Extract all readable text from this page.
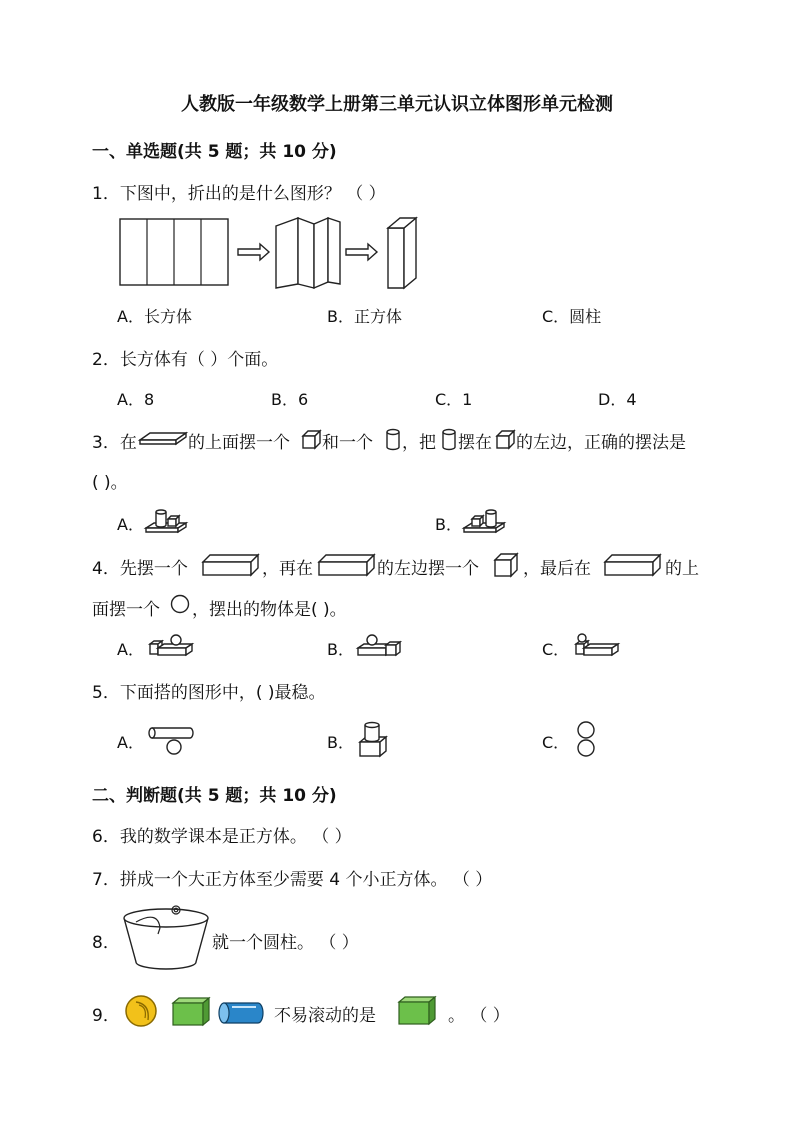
人教版一年级数学上册第三单元认识立体图形单元检测
一、单选题(共 5 题；共 10 分)
1．下图中，折出的是什么图形？ （ ）
A．长方体	B．正方体	C．圆柱
2．长方体有（ ）个面。
A．8	B．6	C．1	D．4
3．在	的上面摆一个 和一个 ，把 摆在 的左边，正确的摆法是
( )。
A．	B．
4．先摆一个	，再在	的左边摆一个	，最后在	的上
面摆一个 ，摆出的物体是( )。
A．	B．	C．
5．下面搭的图形中，( )最稳。
A．	B．	C．
二、判断题(共 5 题；共 10 分)
6．我的数学课本是正方体。 （ ）
7．拼成一个大正方体至少需要 4 个小正方体。 （ ）
8．	就一个圆柱。 （ ）
9．	不易滚动的是	。 （ ）
